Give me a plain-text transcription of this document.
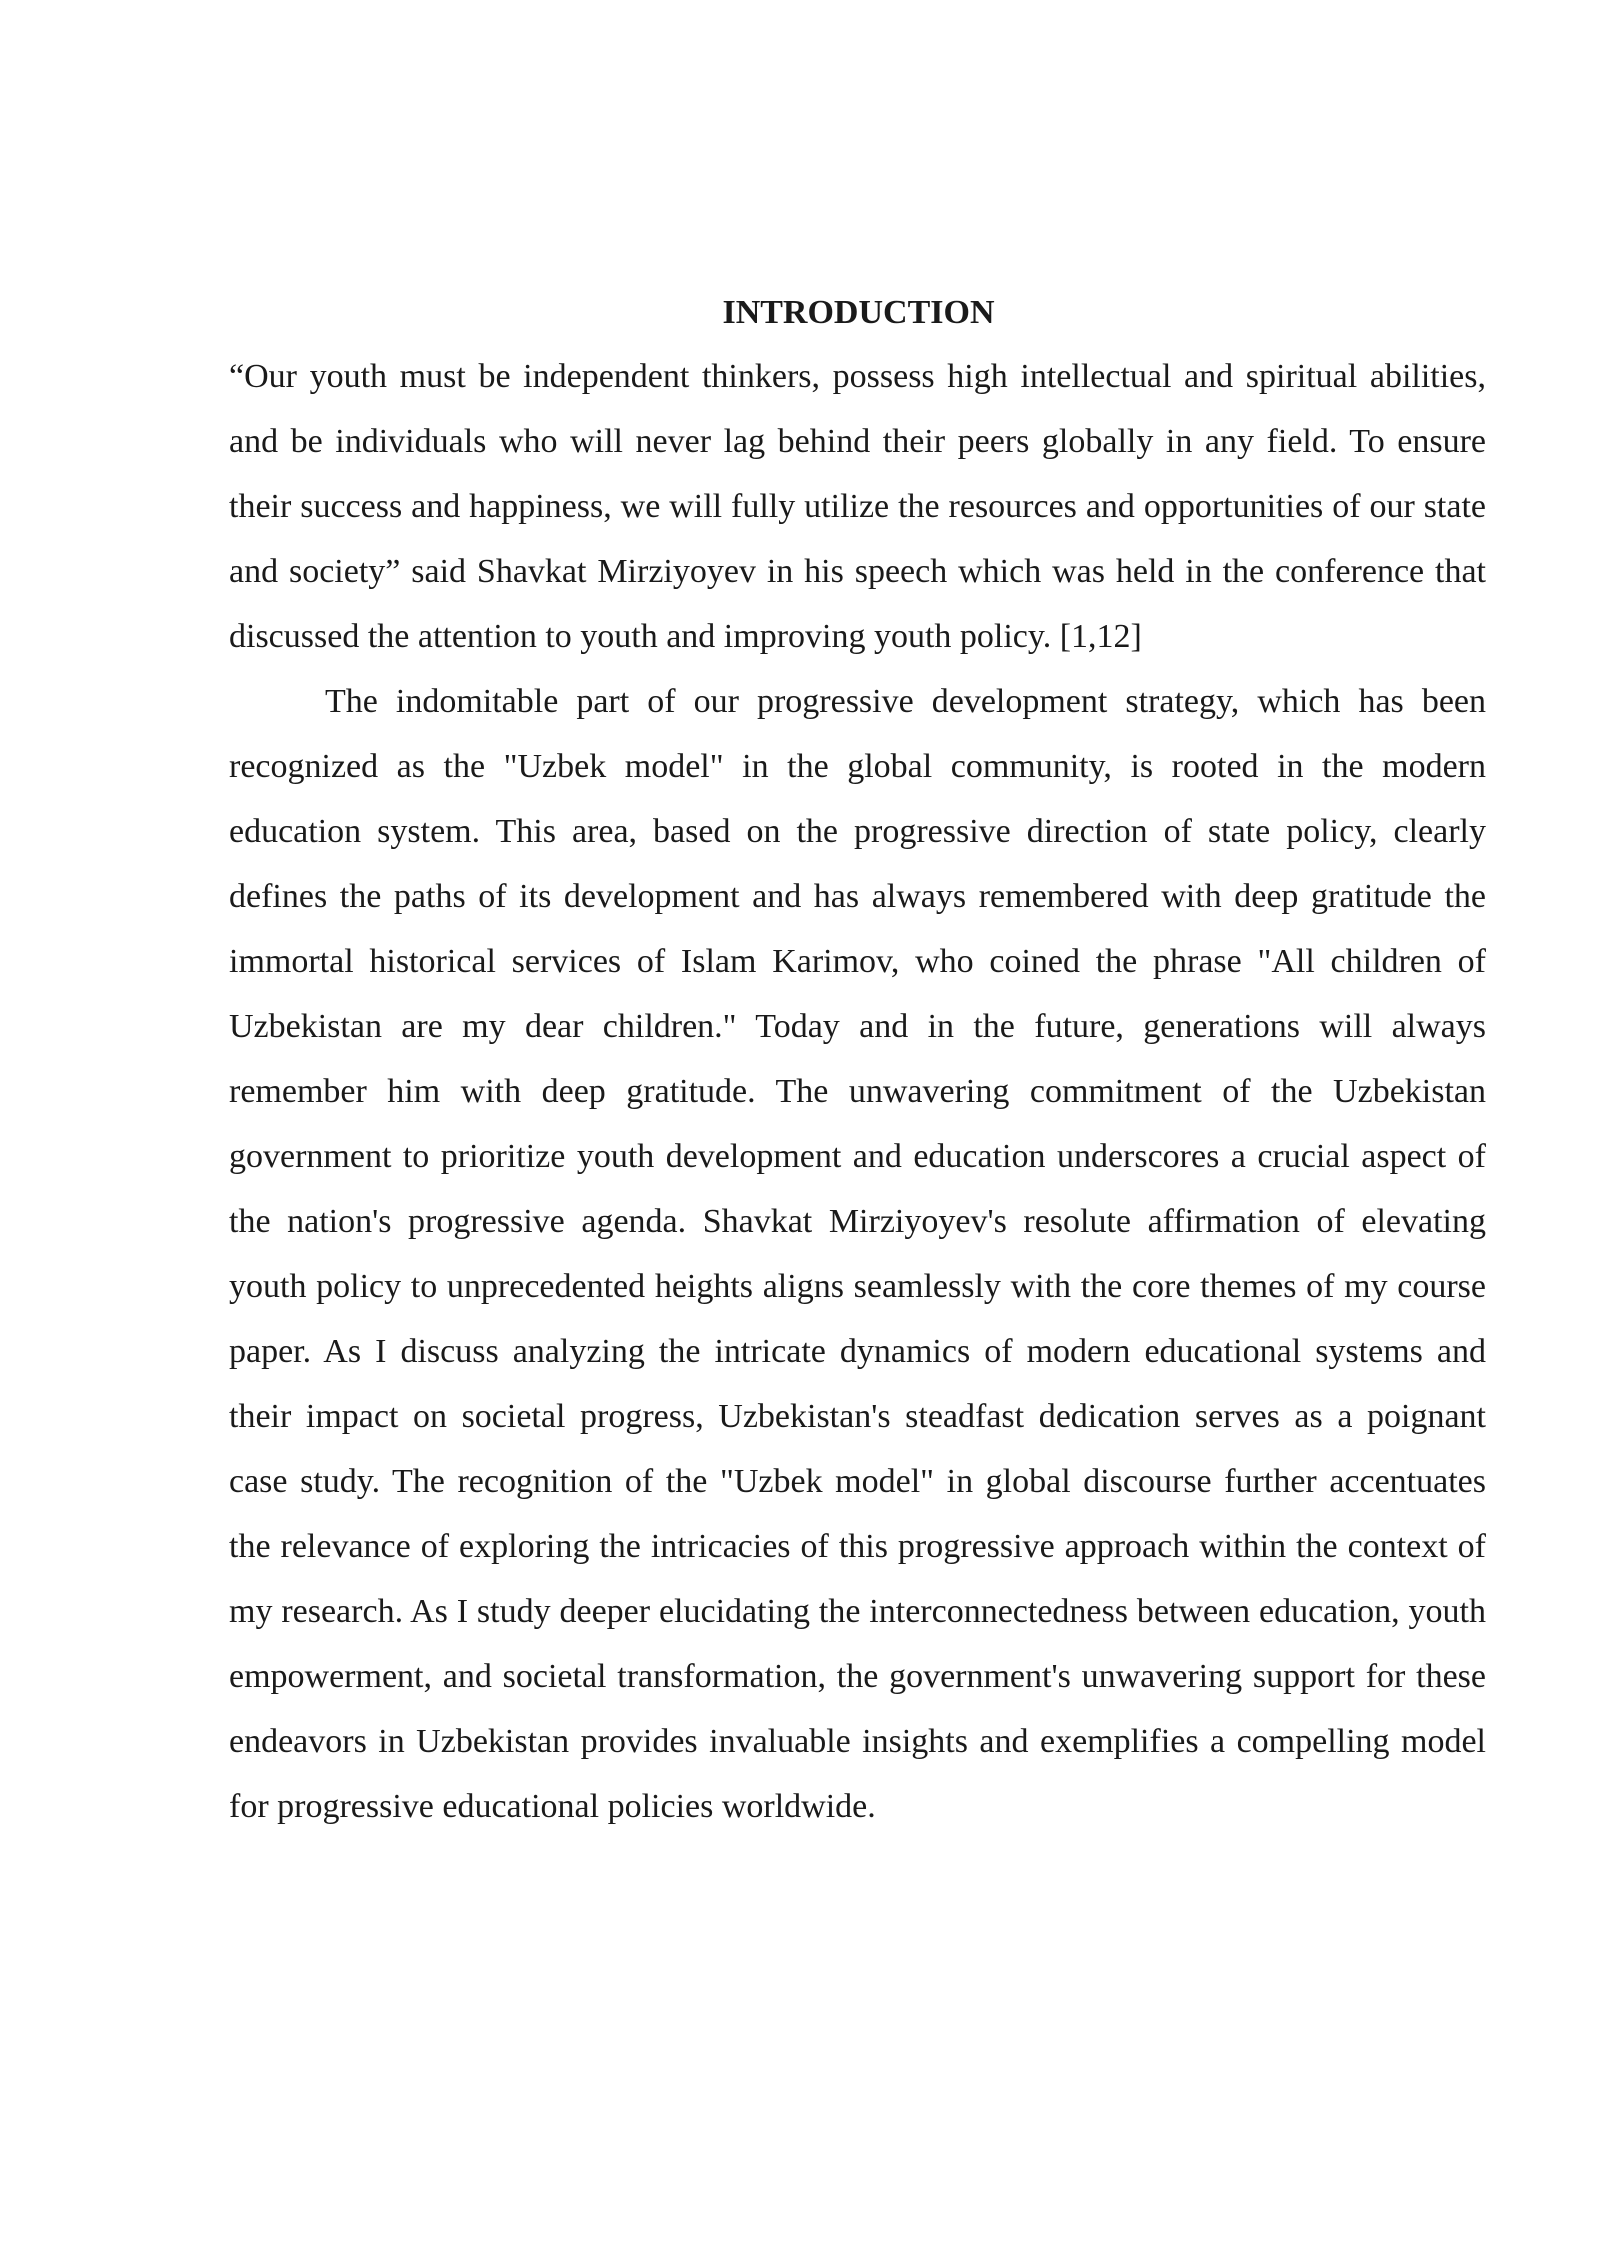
INTRODUCTION

“Our youth must be independent thinkers, possess high intellectual and spiritual abilities, and be individuals who will never lag behind their peers globally in any field. To ensure their success and happiness, we will fully utilize the resources and opportunities of our state and society” said Shavkat Mirziyoyev in his speech which was held in the conference that discussed the attention to youth and improving youth policy. [1,12]

The indomitable part of our progressive development strategy, which has been recognized as the "Uzbek model" in the global community, is rooted in the modern education system. This area, based on the progressive direction of state policy, clearly defines the paths of its development and has always remembered with deep gratitude the immortal historical services of Islam Karimov, who coined the phrase "All children of Uzbekistan are my dear children." Today and in the future, generations will always remember him with deep gratitude. The unwavering commitment of the Uzbekistan government to prioritize youth development and education underscores a crucial aspect of the nation's progressive agenda. Shavkat Mirziyoyev's resolute affirmation of elevating youth policy to unprecedented heights aligns seamlessly with the core themes of my course paper. As I discuss analyzing the intricate dynamics of modern educational systems and their impact on societal progress, Uzbekistan's steadfast dedication serves as a poignant case study. The recognition of the "Uzbek model" in global discourse further accentuates the relevance of exploring the intricacies of this progressive approach within the context of my research. As I study deeper elucidating the interconnectedness between education, youth empowerment, and societal transformation, the government's unwavering support for these endeavors in Uzbekistan provides invaluable insights and exemplifies a compelling model for progressive educational policies worldwide.
